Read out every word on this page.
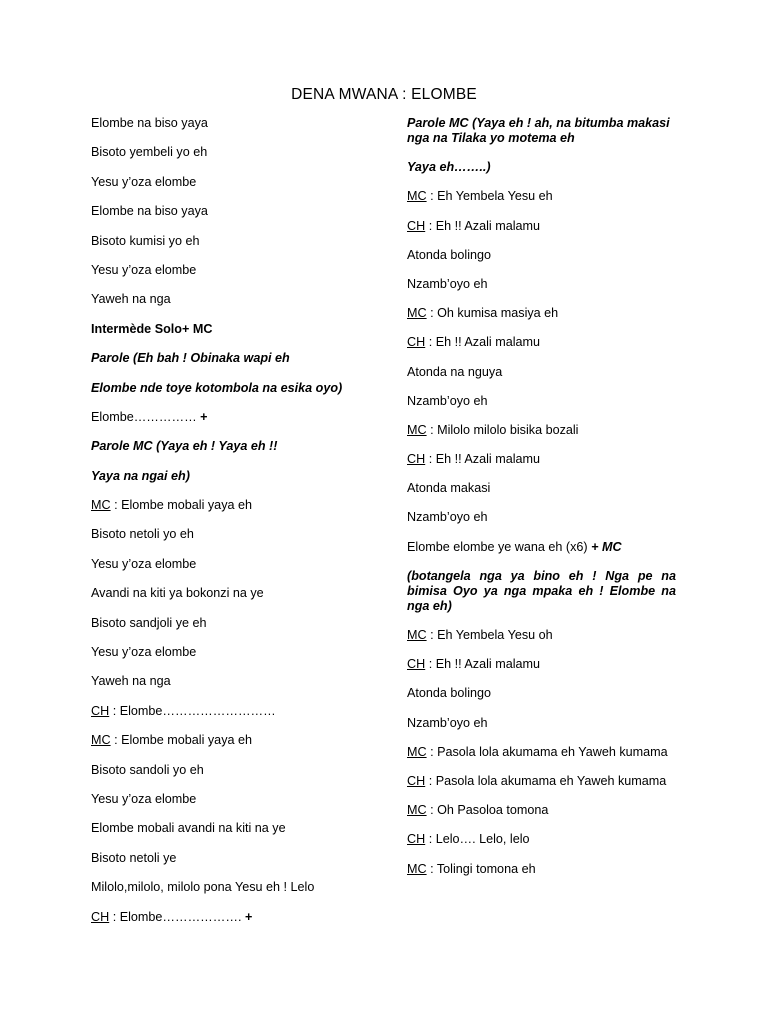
DENA MWANA : ELOMBE

Elombe na biso yaya

Bisoto yembeli yo eh

Yesu y’oza elombe

Elombe na biso yaya

Bisoto kumisi yo eh

Yesu y’oza elombe

Yaweh na nga

Intermède Solo+ MC

Parole (Eh bah ! Obinaka wapi eh

Elombe nde toye kotombola na esika oyo)

Elombe…………… +

Parole MC (Yaya eh ! Yaya eh !!

Yaya na ngai eh)

MC : Elombe mobali yaya eh

Bisoto netoli yo eh

Yesu y’oza elombe

Avandi na kiti ya bokonzi na ye

Bisoto sandjoli ye eh

Yesu y’oza elombe

Yaweh na nga

CH : Elombe………………………

MC : Elombe mobali yaya eh

Bisoto sandoli yo eh

Yesu y’oza elombe

Elombe mobali avandi na kiti na ye

Bisoto netoli ye

Milolo,milolo, milolo pona Yesu eh ! Lelo

CH : Elombe………………. +

Parole MC (Yaya eh ! ah, na bitumba makasi nga na Tilaka yo motema eh

Yaya eh……..)

MC : Eh Yembela Yesu eh

CH : Eh !! Azali malamu

Atonda bolingo

Nzamb’oyo eh

MC : Oh kumisa masiya eh

CH : Eh !! Azali malamu

Atonda na nguya

Nzamb’oyo eh

MC : Milolo milolo bisika bozali

CH : Eh !! Azali malamu

Atonda makasi

Nzamb’oyo eh

Elombe elombe ye wana eh (x6) + MC

(botangela nga ya bino eh ! Nga pe na bimisa Oyo ya nga mpaka eh ! Elombe na nga eh)

MC : Eh Yembela Yesu oh

CH : Eh !! Azali malamu

Atonda bolingo

Nzamb’oyo eh

MC : Pasola lola akumama eh Yaweh kumama

CH : Pasola lola akumama eh Yaweh kumama

MC : Oh Pasoloa tomona

CH : Lelo…. Lelo, lelo

MC : Tolingi tomona eh
